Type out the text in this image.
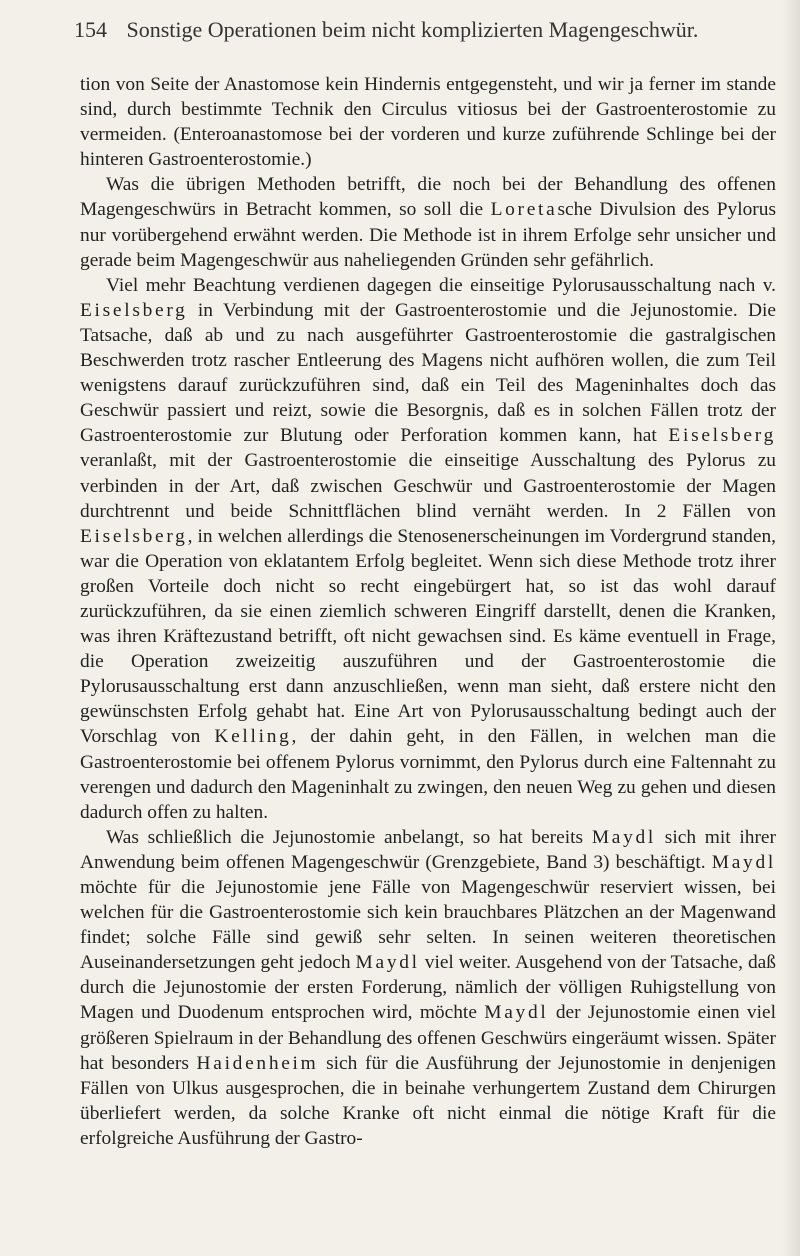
154 Sonstige Operationen beim nicht komplizierten Magengeschwür.

tion von Seite der Anastomose kein Hindernis entgegensteht, und wir ja ferner im stande sind, durch bestimmte Technik den Circulus vitiosus bei der Gastroenterostomie zu vermeiden. (Enteroanastomose bei der vorderen und kurze zuführende Schlinge bei der hinteren Gastroenterostomie.)

Was die übrigen Methoden betrifft, die noch bei der Behandlung des offenen Magengeschwürs in Betracht kommen, so soll die Loretasche Divulsion des Pylorus nur vorübergehend erwähnt werden. Die Methode ist in ihrem Erfolge sehr unsicher und gerade beim Magengeschwür aus naheliegenden Gründen sehr gefährlich.

Viel mehr Beachtung verdienen dagegen die einseitige Pylorusausschaltung nach v. Eiselsberg in Verbindung mit der Gastroenterostomie und die Jejunostomie. Die Tatsache, daß ab und zu nach ausgeführter Gastroenterostomie die gastralgischen Beschwerden trotz rascher Entleerung des Magens nicht aufhören wollen, die zum Teil wenigstens darauf zurückzuführen sind, daß ein Teil des Mageninhaltes doch das Geschwür passiert und reizt, sowie die Besorgnis, daß es in solchen Fällen trotz der Gastroenterostomie zur Blutung oder Perforation kommen kann, hat Eiselsberg veranlaßt, mit der Gastroenterostomie die einseitige Ausschaltung des Pylorus zu verbinden in der Art, daß zwischen Geschwür und Gastroenterostomie der Magen durchtrennt und beide Schnittflächen blind vernäht werden. In 2 Fällen von Eiselsberg, in welchen allerdings die Stenosenerscheinungen im Vordergrund standen, war die Operation von eklatantem Erfolg begleitet. Wenn sich diese Methode trotz ihrer großen Vorteile doch nicht so recht eingebürgert hat, so ist das wohl darauf zurückzuführen, da sie einen ziemlich schweren Eingriff darstellt, denen die Kranken, was ihren Kräftezustand betrifft, oft nicht gewachsen sind. Es käme eventuell in Frage, die Operation zweizeitig auszuführen und der Gastroenterostomie die Pylorusausschaltung erst dann anzuschließen, wenn man sieht, daß erstere nicht den gewünschsten Erfolg gehabt hat. Eine Art von Pylorusausschaltung bedingt auch der Vorschlag von Kelling, der dahin geht, in den Fällen, in welchen man die Gastroenterostomie bei offenem Pylorus vornimmt, den Pylorus durch eine Faltennaht zu verengen und dadurch den Mageninhalt zu zwingen, den neuen Weg zu gehen und diesen dadurch offen zu halten.

Was schließlich die Jejunostomie anbelangt, so hat bereits Maydl sich mit ihrer Anwendung beim offenen Magengeschwür (Grenzgebiete, Band 3) beschäftigt. Maydl möchte für die Jejunostomie jene Fälle von Magengeschwür reserviert wissen, bei welchen für die Gastroenterostomie sich kein brauchbares Plätzchen an der Magenwand findet; solche Fälle sind gewiß sehr selten. In seinen weiteren theoretischen Auseinandersetzungen geht jedoch Maydl viel weiter. Ausgehend von der Tatsache, daß durch die Jejunostomie der ersten Forderung, nämlich der völligen Ruhigstellung von Magen und Duodenum entsprochen wird, möchte Maydl der Jejunostomie einen viel größeren Spielraum in der Behandlung des offenen Geschwürs eingeräumt wissen. Später hat besonders Haidenheim sich für die Ausführung der Jejunostomie in denjenigen Fällen von Ulkus ausgesprochen, die in beinahe verhungertem Zustand dem Chirurgen überliefert werden, da solche Kranke oft nicht einmal die nötige Kraft für die erfolgreiche Ausführung der Gastro-
